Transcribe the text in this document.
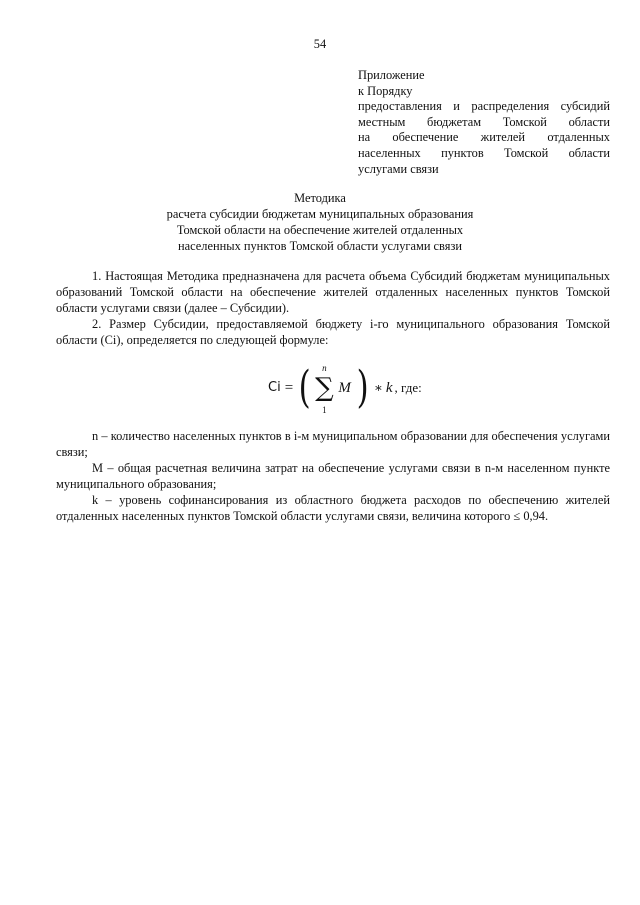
54
Приложение
к Порядку
предоставления и распределения субсидий
местным бюджетам Томской области
на обеспечение жителей отдаленных
населенных пунктов Томской области
услугами связи
Методика
расчета субсидии бюджетам муниципальных образования
Томской области на обеспечение жителей отдаленных
населенных пунктов Томской области услугами связи

1. Настоящая Методика предназначена для расчета объема Субсидий бюджетам муниципальных образований Томской области на обеспечение жителей отдаленных населенных пунктов Томской области услугами связи (далее – Субсидии).

2. Размер Субсидии, предоставляемой бюджету i-го муниципального образования Томской области (Ci), определяется по следующей формуле:

Ci = (	n
∑
1
M ) ∗ k , где:

n – количество населенных пунктов в i-м муниципальном образовании для обеспечения услугами связи;

M – общая расчетная величина затрат на обеспечение услугами связи в n-м населенном пункте муниципального образования;

k – уровень софинансирования из областного бюджета расходов по обеспечению жителей отдаленных населенных пунктов Томской области услугами связи, величина которого ≤ 0,94.
